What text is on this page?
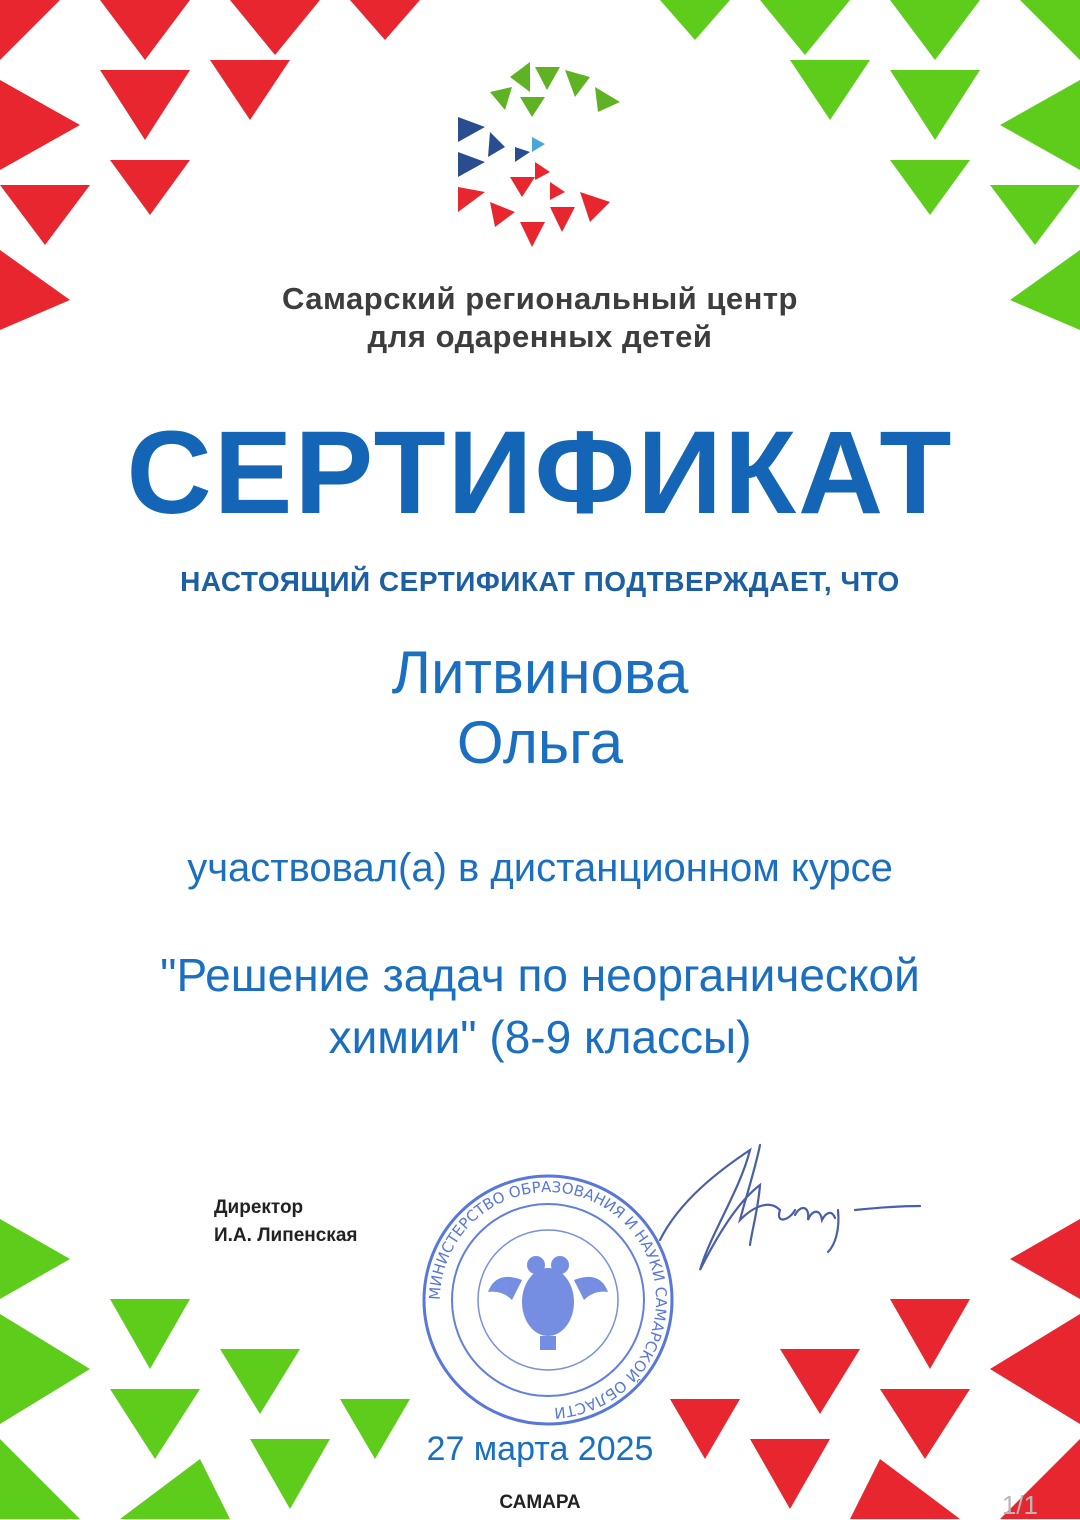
Самарский региональный центр
для одаренных детей
СЕРТИФИКАТ
НАСТОЯЩИЙ СЕРТИФИКАТ ПОДТВЕРЖДАЕТ, ЧТО
Литвинова
Ольга
участвовал(а) в дистанционном курсе
"Решение задач по неорганической
химии" (8-9 классы)
Директор
И.А. Липенская
МИНИСТЕРСТВО ОБРАЗОВАНИЯ И НАУКИ САМАРСКОЙ ОБЛАСТИ
27 марта 2025
САМАРА	1/1
